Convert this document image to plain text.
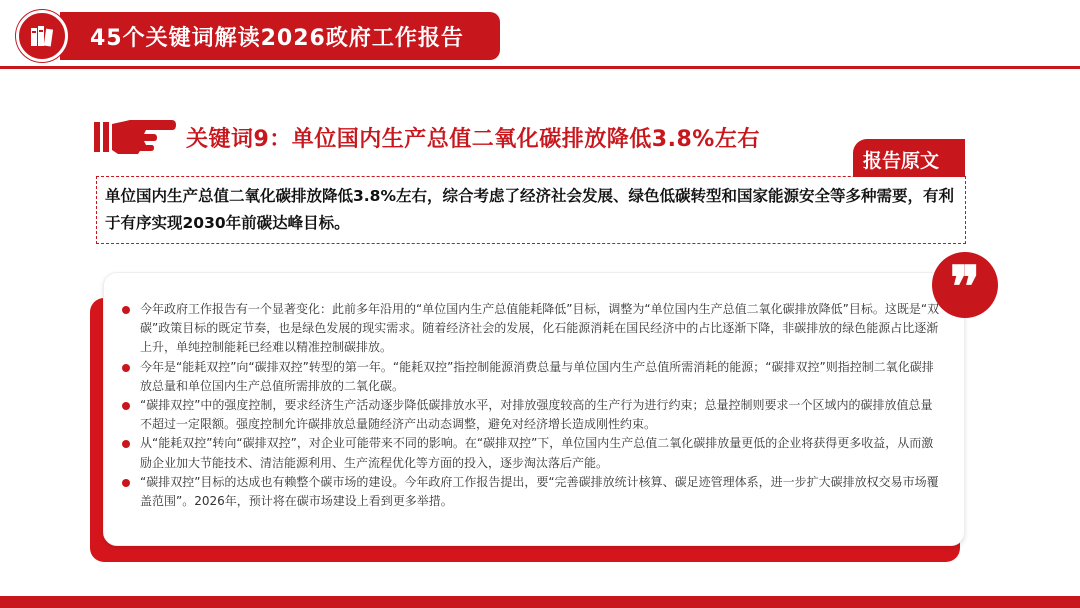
45个关键词解读2026政府工作报告
关键词9：单位国内生产总值二氧化碳排放降低3.8%左右
报告原文

单位国内生产总值二氧化碳排放降低3.8%左右，综合考虑了经济社会发展、绿色低碳转型和国家能源安全等多种需要，有利于有序实现2030年前碳达峰目标。

❞
今年政府工作报告有一个显著变化：此前多年沿用的“单位国内生产总值能耗降低”目标，调整为“单位国内生产总值二氧化碳排放降低”目标。这既是“双碳”政策目标的既定节奏，也是绿色发展的现实需求。随着经济社会的发展，化石能源消耗在国民经济中的占比逐渐下降，非碳排放的绿色能源占比逐渐上升，单纯控制能耗已经难以精准控制碳排放。
今年是“能耗双控”向“碳排双控”转型的第一年。“能耗双控”指控制能源消费总量与单位国内生产总值所需消耗的能源；“碳排双控”则指控制二氧化碳排放总量和单位国内生产总值所需排放的二氧化碳。
“碳排双控”中的强度控制，要求经济生产活动逐步降低碳排放水平，对排放强度较高的生产行为进行约束；总量控制则要求一个区域内的碳排放值总量不超过一定限额。强度控制允许碳排放总量随经济产出动态调整，避免对经济增长造成刚性约束。
从“能耗双控”转向“碳排双控”，对企业可能带来不同的影响。在“碳排双控”下，单位国内生产总值二氧化碳排放量更低的企业将获得更多收益，从而激励企业加大节能技术、清洁能源利用、生产流程优化等方面的投入，逐步淘汰落后产能。
“碳排双控”目标的达成也有赖整个碳市场的建设。今年政府工作报告提出，要“完善碳排放统计核算、碳足迹管理体系，进一步扩大碳排放权交易市场覆盖范围”。2026年，预计将在碳市场建设上看到更多举措。
